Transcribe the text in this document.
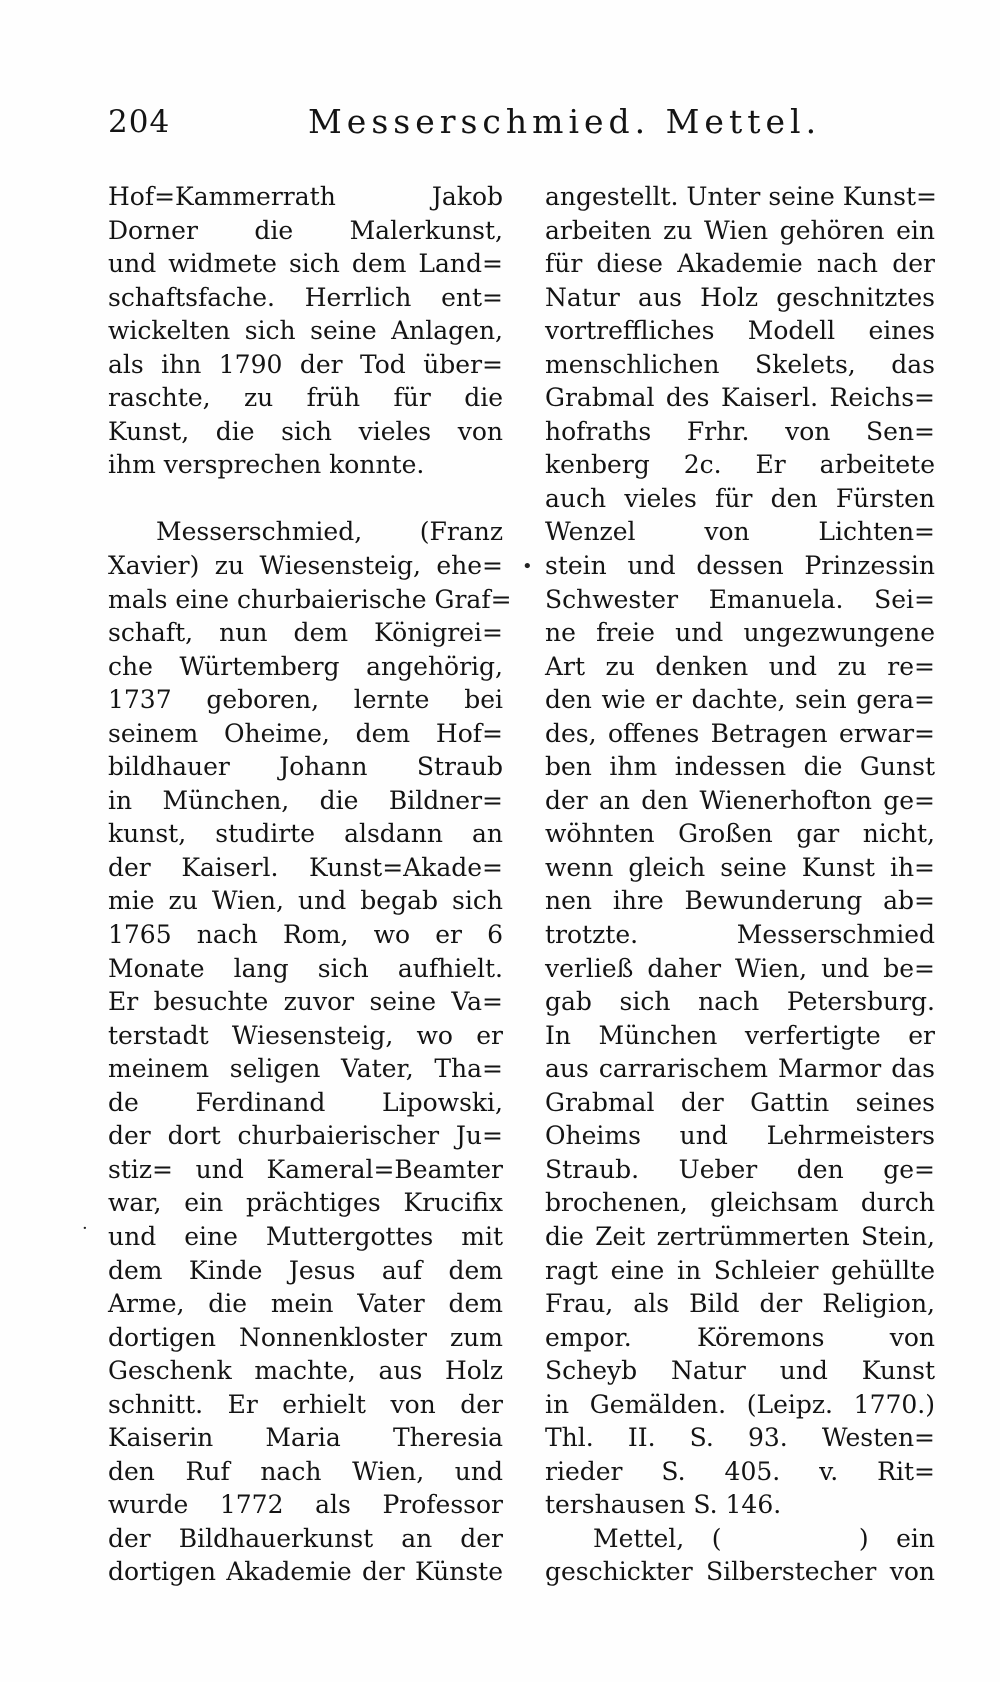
204	Messerschmied. Mettel.
Hof=Kammerrath Jakob
Dorner die Malerkunst,
und widmete sich dem Land=
schaftsfache. Herrlich ent=
wickelten sich seine Anlagen,
als ihn 1790 der Tod über=
raschte, zu früh für die
Kunst, die sich vieles von
ihm versprechen konnte.
Messerschmied, (Franz
Xavier) zu Wiesensteig, ehe=
mals eine churbaierische Graf=
schaft, nun dem Königrei=
che Würtemberg angehörig,
1737 geboren, lernte bei
seinem Oheime, dem Hof=
bildhauer Johann Straub
in München, die Bildner=
kunst, studirte alsdann an
der Kaiserl. Kunst=Akade=
mie zu Wien, und begab sich
1765 nach Rom, wo er 6
Monate lang sich aufhielt.
Er besuchte zuvor seine Va=
terstadt Wiesensteig, wo er
meinem seligen Vater, Tha=
de Ferdinand Lipowski,
der dort churbaierischer Ju=
stiz= und Kameral=Beamter
war, ein prächtiges Krucifix
und eine Muttergottes mit
dem Kinde Jesus auf dem
Arme, die mein Vater dem
dortigen Nonnenkloster zum
Geschenk machte, aus Holz
schnitt. Er erhielt von der
Kaiserin Maria Theresia
den Ruf nach Wien, und
wurde 1772 als Professor
der Bildhauerkunst an der
dortigen Akademie der Künste
angestellt. Unter seine Kunst=
arbeiten zu Wien gehören ein
für diese Akademie nach der
Natur aus Holz geschnitztes
vortreffliches Modell eines
menschlichen Skelets, das
Grabmal des Kaiserl. Reichs=
hofraths Frhr. von Sen=
kenberg 2c. Er arbeitete
auch vieles für den Fürsten
Wenzel von Lichten=
stein und dessen Prinzessin
Schwester Emanuela. Sei=
ne freie und ungezwungene
Art zu denken und zu re=
den wie er dachte, sein gera=
des, offenes Betragen erwar=
ben ihm indessen die Gunst
der an den Wienerhofton ge=
wöhnten Großen gar nicht,
wenn gleich seine Kunst ih=
nen ihre Bewunderung ab=
trotzte. Messerschmied
verließ daher Wien, und be=
gab sich nach Petersburg.
In München verfertigte er
aus carrarischem Marmor das
Grabmal der Gattin seines
Oheims und Lehrmeisters
Straub. Ueber den ge=
brochenen, gleichsam durch
die Zeit zertrümmerten Stein,
ragt eine in Schleier gehüllte
Frau, als Bild der Religion,
empor. Köremons von
Scheyb Natur und Kunst
in Gemälden. (Leipz. 1770.)
Thl. II. S. 93. Westen=
rieder S. 405. v. Rit=
tershausen S. 146.
Mettel, (     ) ein
geschickter Silberstecher von
•
·
